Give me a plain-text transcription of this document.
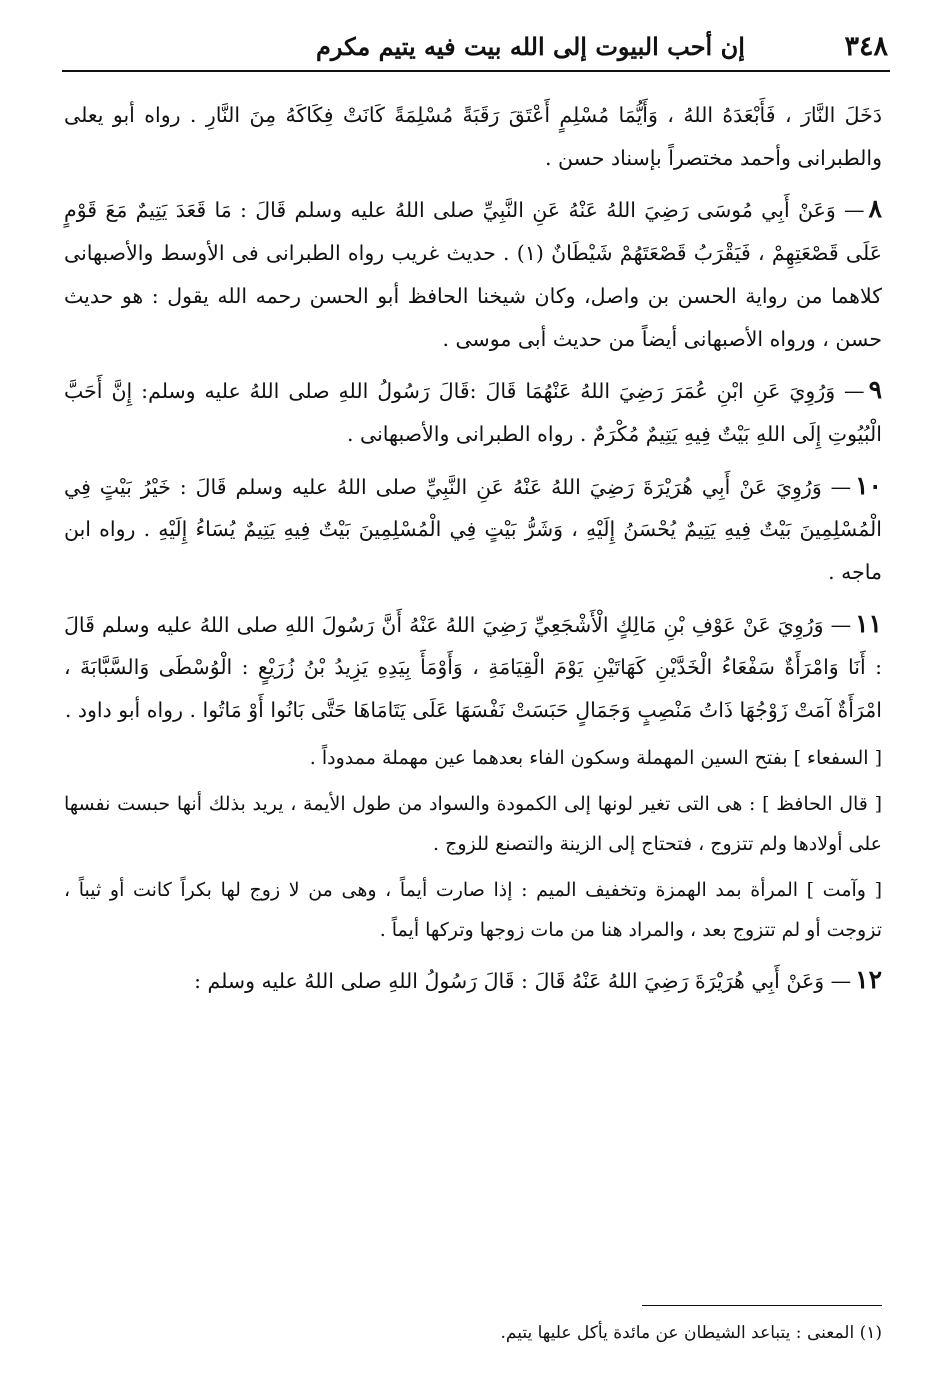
٣٤٨
إن أحب البيوت إلى الله بيت فيه يتيم مكرم

دَخَلَ النَّارَ ، فَأَبْعَدَهُ اللهُ ، وَأَيُّمَا مُسْلِمٍ أَعْتَقَ رَقَبَةً مُسْلِمَةً كَانَتْ فِكَاكَهُ مِنَ النَّارِ . رواه أبو يعلى والطبرانى وأحمد مختصراً بإسناد حسن .

٨— وَعَنْ أَبِي مُوسَى رَضِيَ اللهُ عَنْهُ عَنِ النَّبِيِّ صلى اللهُ عليه وسلم قَالَ : مَا قَعَدَ يَتِيمٌ مَعَ قَوْمٍ عَلَى قَصْعَتِهِمْ ، فَيَقْرَبُ قَصْعَتَهُمْ شَيْطَانٌ (١) . حديث غريب رواه الطبرانى فى الأوسط والأصبهانى كلاهما من رواية الحسن بن واصل، وكان شيخنا الحافظ أبو الحسن رحمه الله يقول : هو حديث حسن ، ورواه الأصبهانى أيضاً من حديث أبى موسى .

٩— وَرُوِيَ عَنِ ابْنِ عُمَرَ رَضِيَ اللهُ عَنْهُمَا قَالَ :قَالَ رَسُولُ اللهِ صلى اللهُ عليه وسلم: إِنَّ أَحَبَّ الْبُيُوتِ إِلَى اللهِ بَيْتٌ فِيهِ يَتِيمٌ مُكْرَمٌ . رواه الطبرانى والأصبهانى .

١٠— وَرُوِيَ عَنْ أَبِي هُرَيْرَةَ رَضِيَ اللهُ عَنْهُ عَنِ النَّبِيِّ صلى اللهُ عليه وسلم قَالَ : خَيْرُ بَيْتٍ فِي الْمُسْلِمِينَ بَيْتٌ فِيهِ يَتِيمٌ يُحْسَنُ إِلَيْهِ ، وَشَرُّ بَيْتٍ فِي الْمُسْلِمِينَ بَيْتٌ فِيهِ يَتِيمٌ يُسَاءُ إِلَيْهِ . رواه ابن ماجه .

١١— وَرُوِيَ عَنْ عَوْفِ بْنِ مَالِكٍ الْأَشْجَعِيِّ رَضِيَ اللهُ عَنْهُ أَنَّ رَسُولَ اللهِ صلى اللهُ عليه وسلم قَالَ : أَنَا وَامْرَأَةٌ سَفْعَاءُ الْخَدَّيْنِ كَهَاتَيْنِ يَوْمَ الْقِيَامَةِ ، وَأَوْمَأَ بِيَدِهِ يَزِيدُ بْنُ زُرَيْعٍ : الْوُسْطَى وَالسَّبَّابَةَ ، امْرَأَةٌ آمَتْ زَوْجُهَا ذَاتُ مَنْصِبٍ وَجَمَالٍ حَبَسَتْ نَفْسَهَا عَلَى يَتَامَاهَا حَتَّى بَانُوا أَوْ مَاتُوا . رواه أبو داود .

[ السفعاء ] بفتح السين المهملة وسكون الفاء بعدهما عين مهملة ممدوداً .

[ قال الحافظ ] : هى التى تغير لونها إلى الكمودة والسواد من طول الأيمة ، يريد بذلك أنها حبست نفسها على أولادها ولم تتزوج ، فتحتاج إلى الزينة والتصنع للزوج .

[ وآمت ] المرأة بمد الهمزة وتخفيف الميم : إذا صارت أيماً ، وهى من لا زوج لها بكراً كانت أو ثيباً ، تزوجت أو لم تتزوج بعد ، والمراد هنا من مات زوجها وتركها أيماً .

١٢— وَعَنْ أَبِي هُرَيْرَةَ رَضِيَ اللهُ عَنْهُ قَالَ : قَالَ رَسُولُ اللهِ صلى اللهُ عليه وسلم :

(١) المعنى : يتباعد الشيطان عن مائدة يأكل عليها يتيم.
